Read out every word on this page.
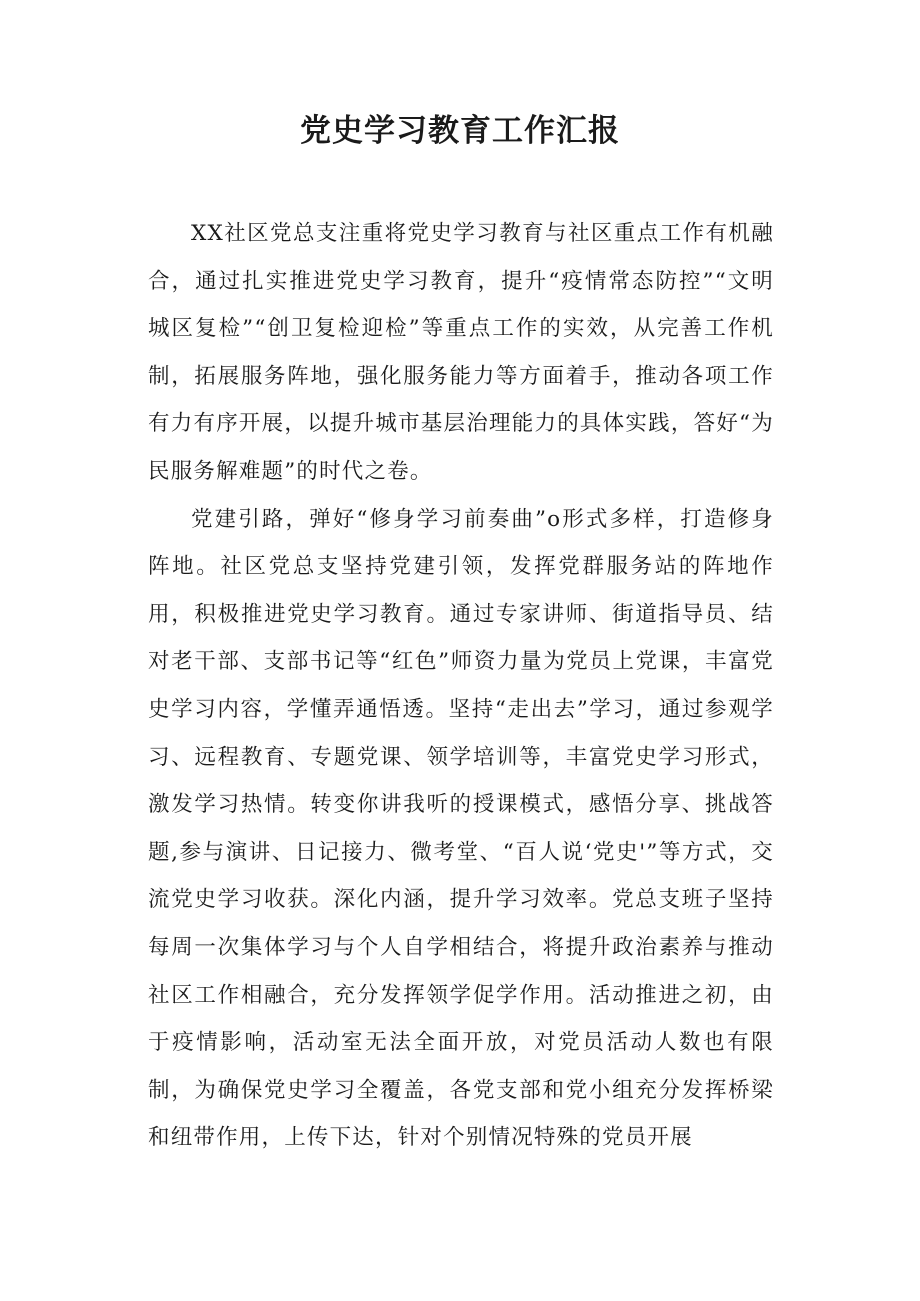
党史学习教育工作汇报

XX社区党总支注重将党史学习教育与社区重点工作有机融合，通过扎实推进党史学习教育，提升“疫情常态防控”“文明城区复检”“创卫复检迎检”等重点工作的实效，从完善工作机制，拓展服务阵地，强化服务能力等方面着手，推动各项工作有力有序开展，以提升城市基层治理能力的具体实践，答好“为民服务解难题”的时代之卷。

党建引路，弹好“修身学习前奏曲”o形式多样，打造修身阵地。社区党总支坚持党建引领，发挥党群服务站的阵地作用，积极推进党史学习教育。通过专家讲师、街道指导员、结对老干部、支部书记等“红色”师资力量为党员上党课，丰富党史学习内容，学懂弄通悟透。坚持“走出去”学习，通过参观学习、远程教育、专题党课、领学培训等，丰富党史学习形式，激发学习热情。转变你讲我听的授课模式，感悟分享、挑战答题,参与演讲、日记接力、微考堂、“百人说‘党史'”等方式，交流党史学习收获。深化内涵，提升学习效率。党总支班子坚持每周一次集体学习与个人自学相结合，将提升政治素养与推动社区工作相融合，充分发挥领学促学作用。活动推进之初，由于疫情影响，活动室无法全面开放，对党员活动人数也有限制，为确保党史学习全覆盖，各党支部和党小组充分发挥桥梁和纽带作用，上传下达，针对个别情况特殊的党员开展
